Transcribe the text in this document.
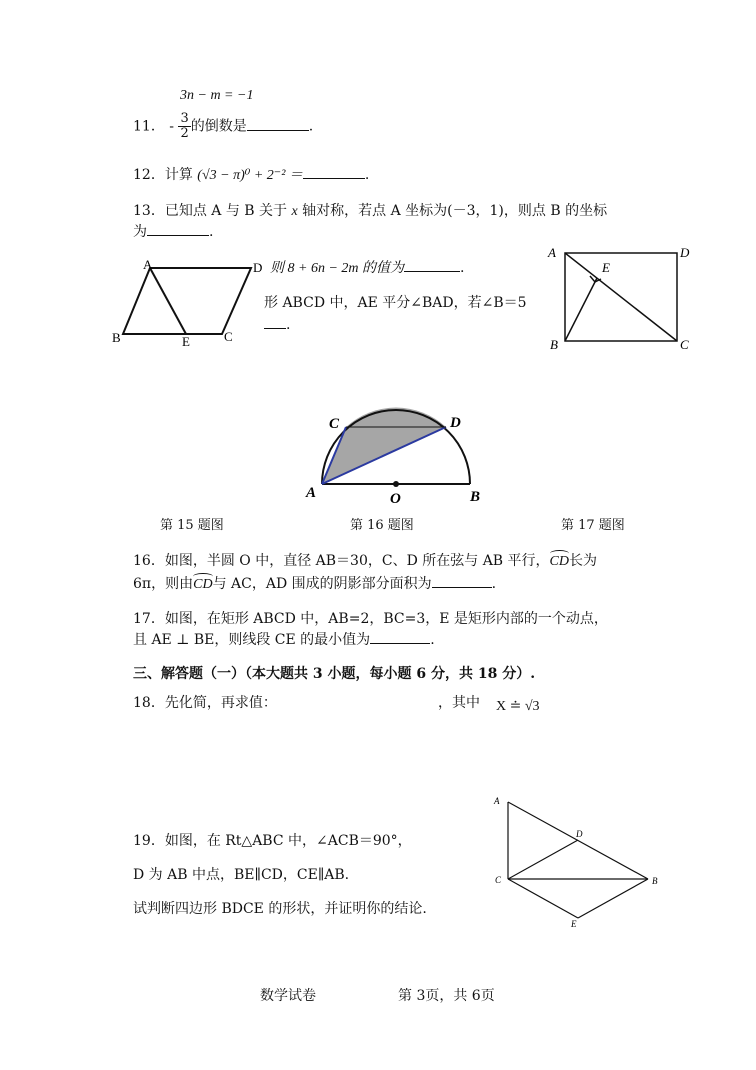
3n − m = −1
11． - $\frac{3}{2}$ 的倒数是	.
12．计算 (√3 − π)⁰ + 2⁻² ＝	.
13．已知点 A 与 B 关于 x 轴对称，若点 A 坐标为(－3，1)，则点 B 的坐标
为	.
则 8 + 6n − 2m 的值为	.
形 ABCD 中，AE 平分∠BAD，若∠B＝5
.
A	D
B	E	C
A	D
E
B	C
C	D
A	O	B
第 15 题图	第 16 题图	第 17 题图
16．如图，半圆 O 中，直径 AB＝30，C、D 所在弦与 AB 平行，CD长为
6π，则由CD与 AC，AD 围成的阴影部分面积为	.
17．如图，在矩形 ABCD 中，AB=2，BC=3，E 是矩形内部的一个动点，
且 AE ⊥ BE，则线段 CE 的最小值为	.
三、解答题（一）（本大题共 3 小题，每小题 6 分，共 18 分）.
18．先化简，再求值：	，其中 X ≐ √3
19．如图，在 Rt△ABC 中，∠ACB＝90°，
D 为 AB 中点，BE∥CD，CE∥AB.
试判断四边形 BDCE 的形状，并证明你的结论.
A
D
C	B
E
数学试卷	第 3页，共 6页
